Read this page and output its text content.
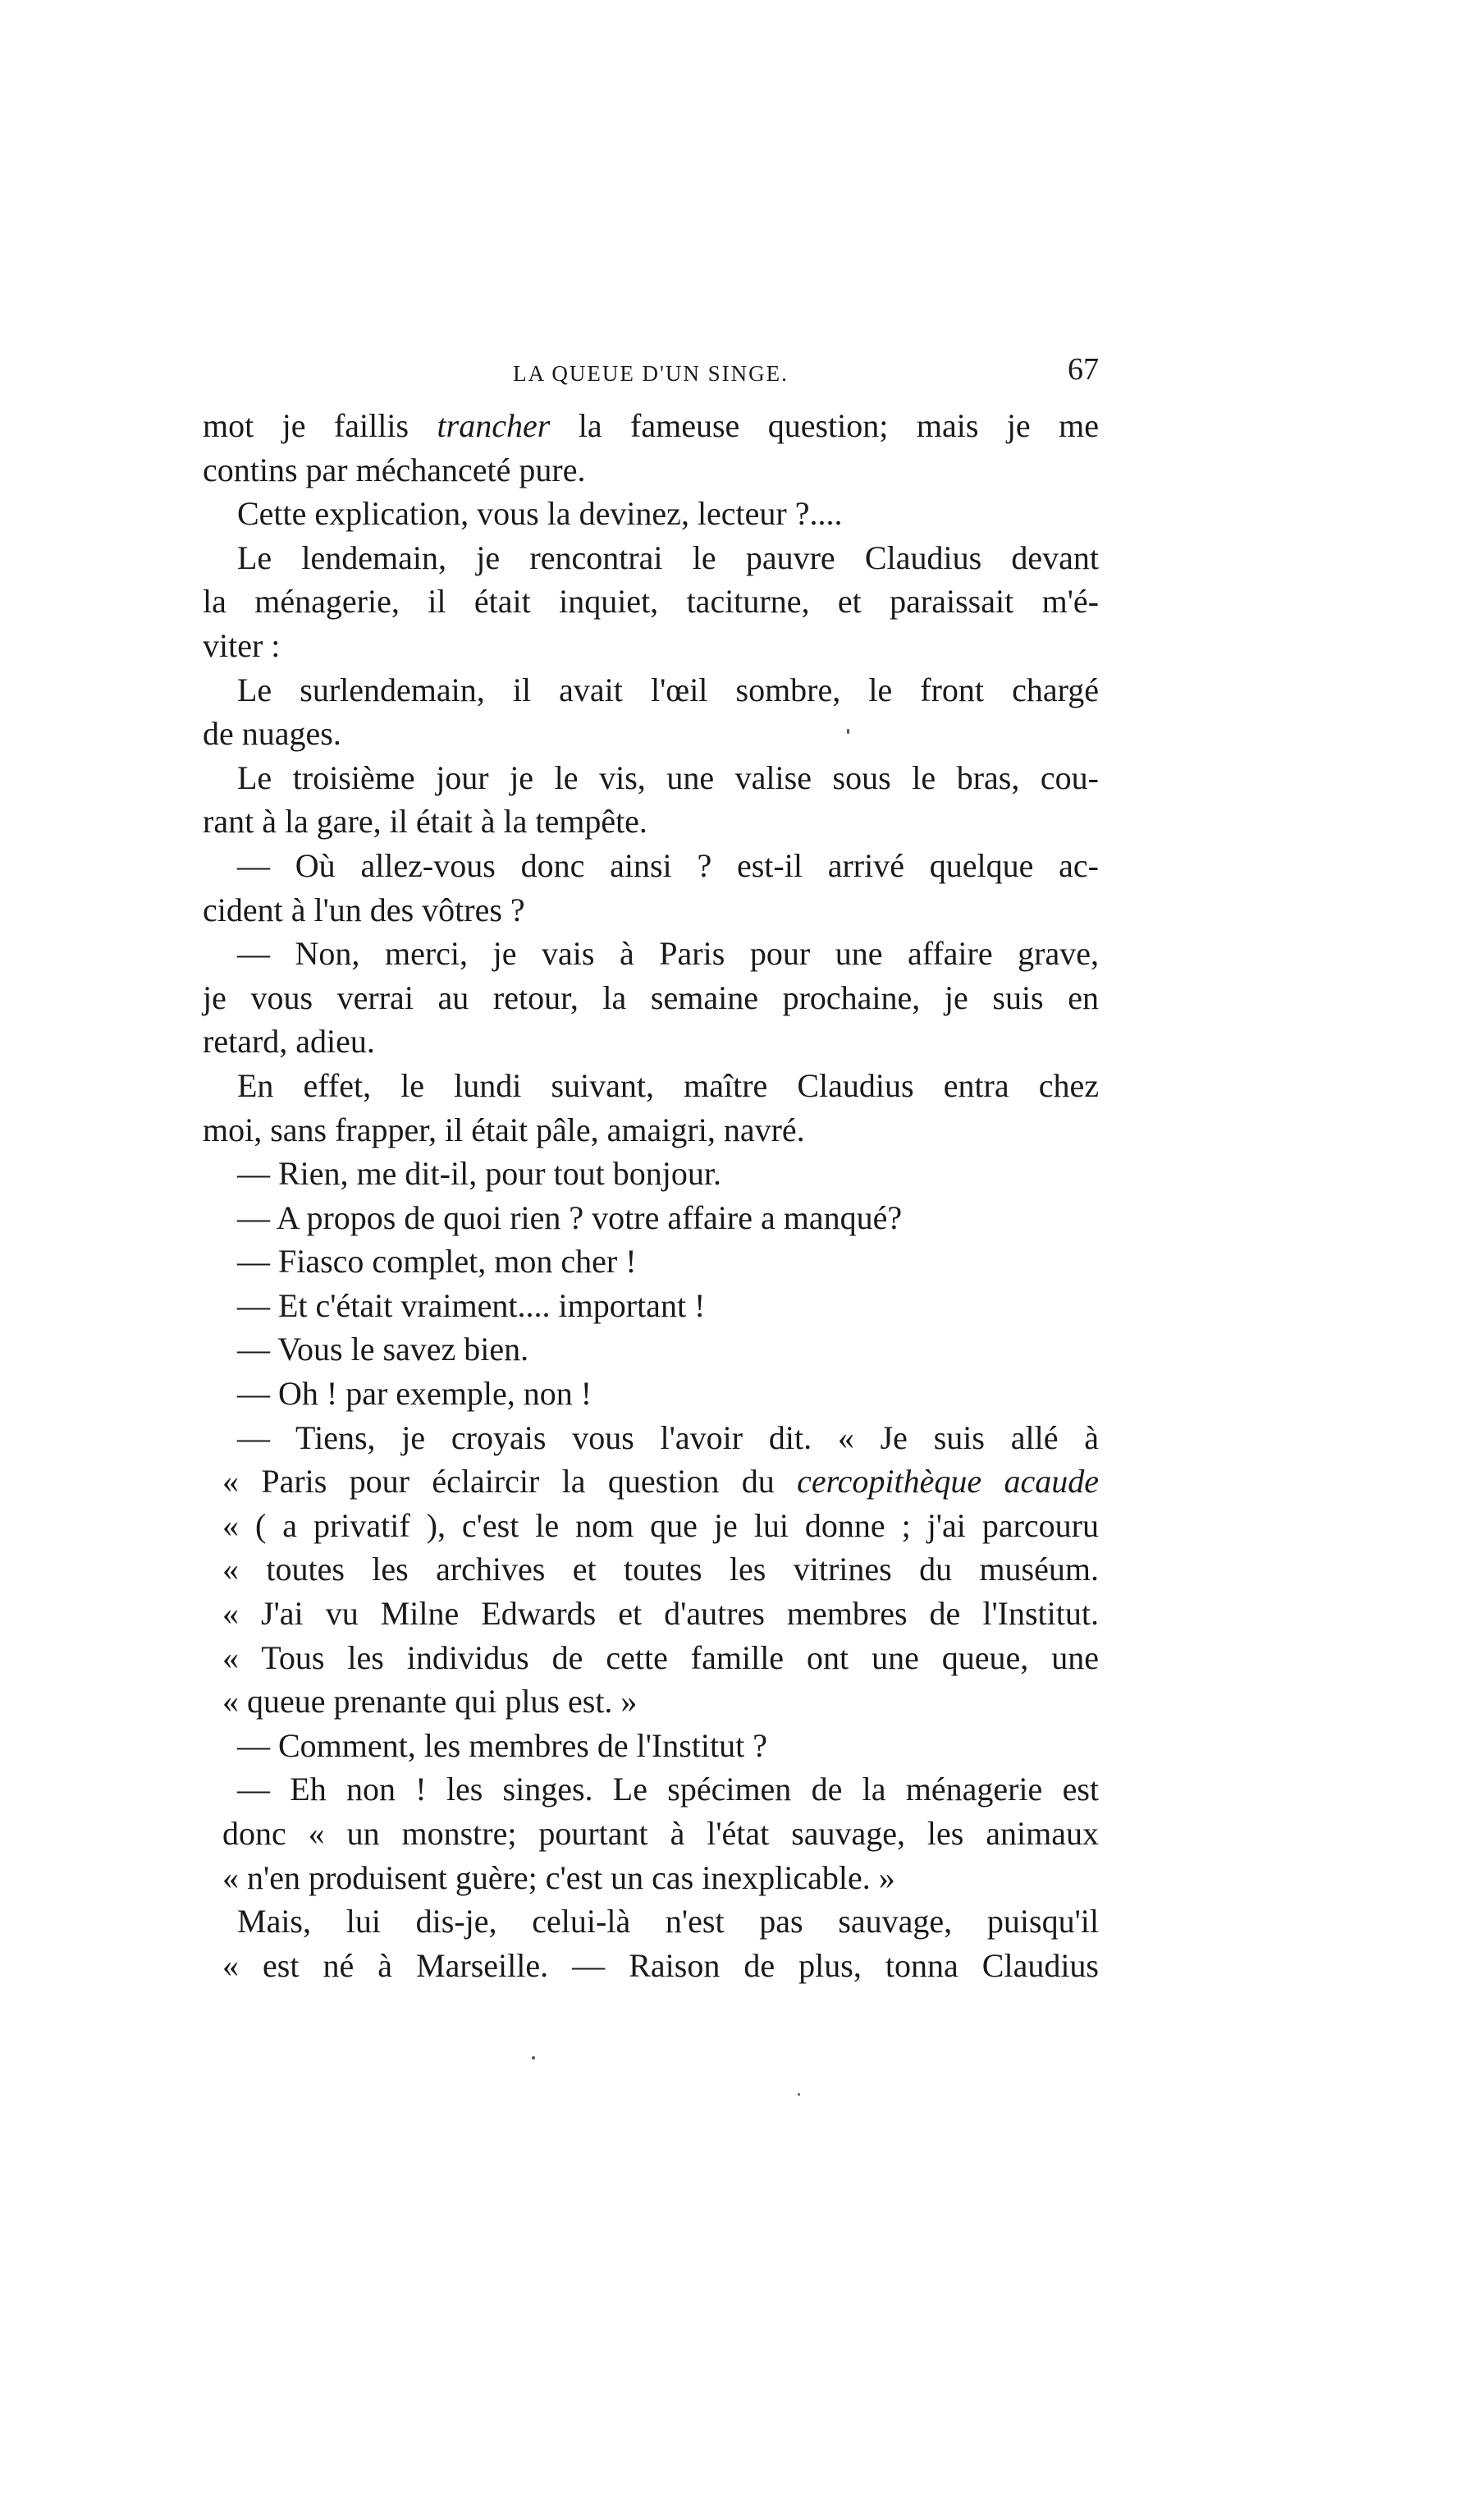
LA QUEUE D'UN SINGE.	67
mot je faillis trancher la fameuse question; mais je me
contins par méchanceté pure.
Cette explication, vous la devinez, lecteur ?....
Le lendemain, je rencontrai le pauvre Claudius devant
la ménagerie, il était inquiet, taciturne, et paraissait m'é-
viter :
Le surlendemain, il avait l'œil sombre, le front chargé
de nuages.
Le troisième jour je le vis, une valise sous le bras, cou-
rant à la gare, il était à la tempête.
— Où allez-vous donc ainsi ? est-il arrivé quelque ac-
cident à l'un des vôtres ?
— Non, merci, je vais à Paris pour une affaire grave,
je vous verrai au retour, la semaine prochaine, je suis en
retard, adieu.
En effet, le lundi suivant, maître Claudius entra chez
moi, sans frapper, il était pâle, amaigri, navré.
— Rien, me dit-il, pour tout bonjour.
— A propos de quoi rien ? votre affaire a manqué?
— Fiasco complet, mon cher !
— Et c'était vraiment.... important !
— Vous le savez bien.
— Oh ! par exemple, non !
— Tiens, je croyais vous l'avoir dit. « Je suis allé à
« Paris pour éclaircir la question du cercopithèque acaude
« ( a privatif ), c'est le nom que je lui donne ; j'ai parcouru
« toutes les archives et toutes les vitrines du muséum.
« J'ai vu Milne Edwards et d'autres membres de l'Institut.
« Tous les individus de cette famille ont une queue, une
« queue prenante qui plus est. »
— Comment, les membres de l'Institut ?
— Eh non ! les singes. Le spécimen de la ménagerie est
donc « un monstre; pourtant à l'état sauvage, les animaux
« n'en produisent guère; c'est un cas inexplicable. »
Mais, lui dis-je, celui-là n'est pas sauvage, puisqu'il
« est né à Marseille. — Raison de plus, tonna Claudius
